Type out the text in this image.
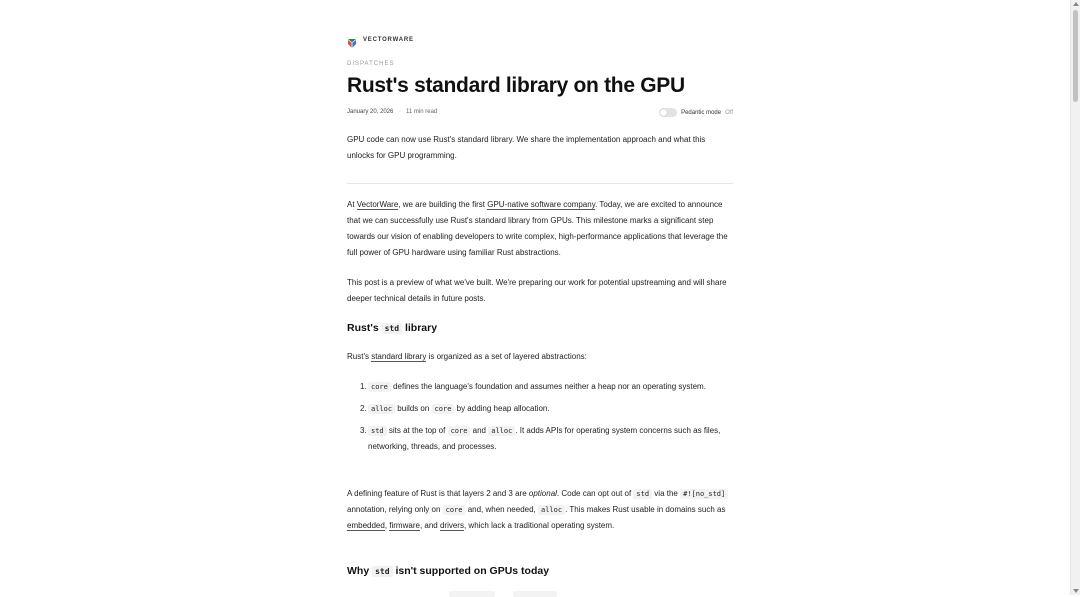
VECTORWARE
DISPATCHES
Rust's standard library on the GPU
January 20, 2026 · 11 min read	Pedantic mode Off

GPU code can now use Rust's standard library. We share the implementation approach and what this unlocks for GPU programming.

At VectorWare, we are building the first GPU-native software company. Today, we are excited to announce that we can successfully use Rust's standard library from GPUs. This milestone marks a significant step towards our vision of enabling developers to write complex, high-performance applications that leverage the full power of GPU hardware using familiar Rust abstractions.

This post is a preview of what we've built. We're preparing our work for potential upstreaming and will share deeper technical details in future posts.

Rust's std library

Rust's standard library is organized as a set of layered abstractions:

1. core defines the language's foundation and assumes neither a heap nor an operating system.
2. alloc builds on core by adding heap allocation.
3. std sits at the top of core and alloc . It adds APIs for operating system concerns such as files, networking, threads, and processes.

A defining feature of Rust is that layers 2 and 3 are optional. Code can opt out of std via the #![no_std] annotation, relying only on core and, when needed, alloc . This makes Rust usable in domains such as embedded, firmware, and drivers, which lack a traditional operating system.

Why std isn't supported on GPUs today
